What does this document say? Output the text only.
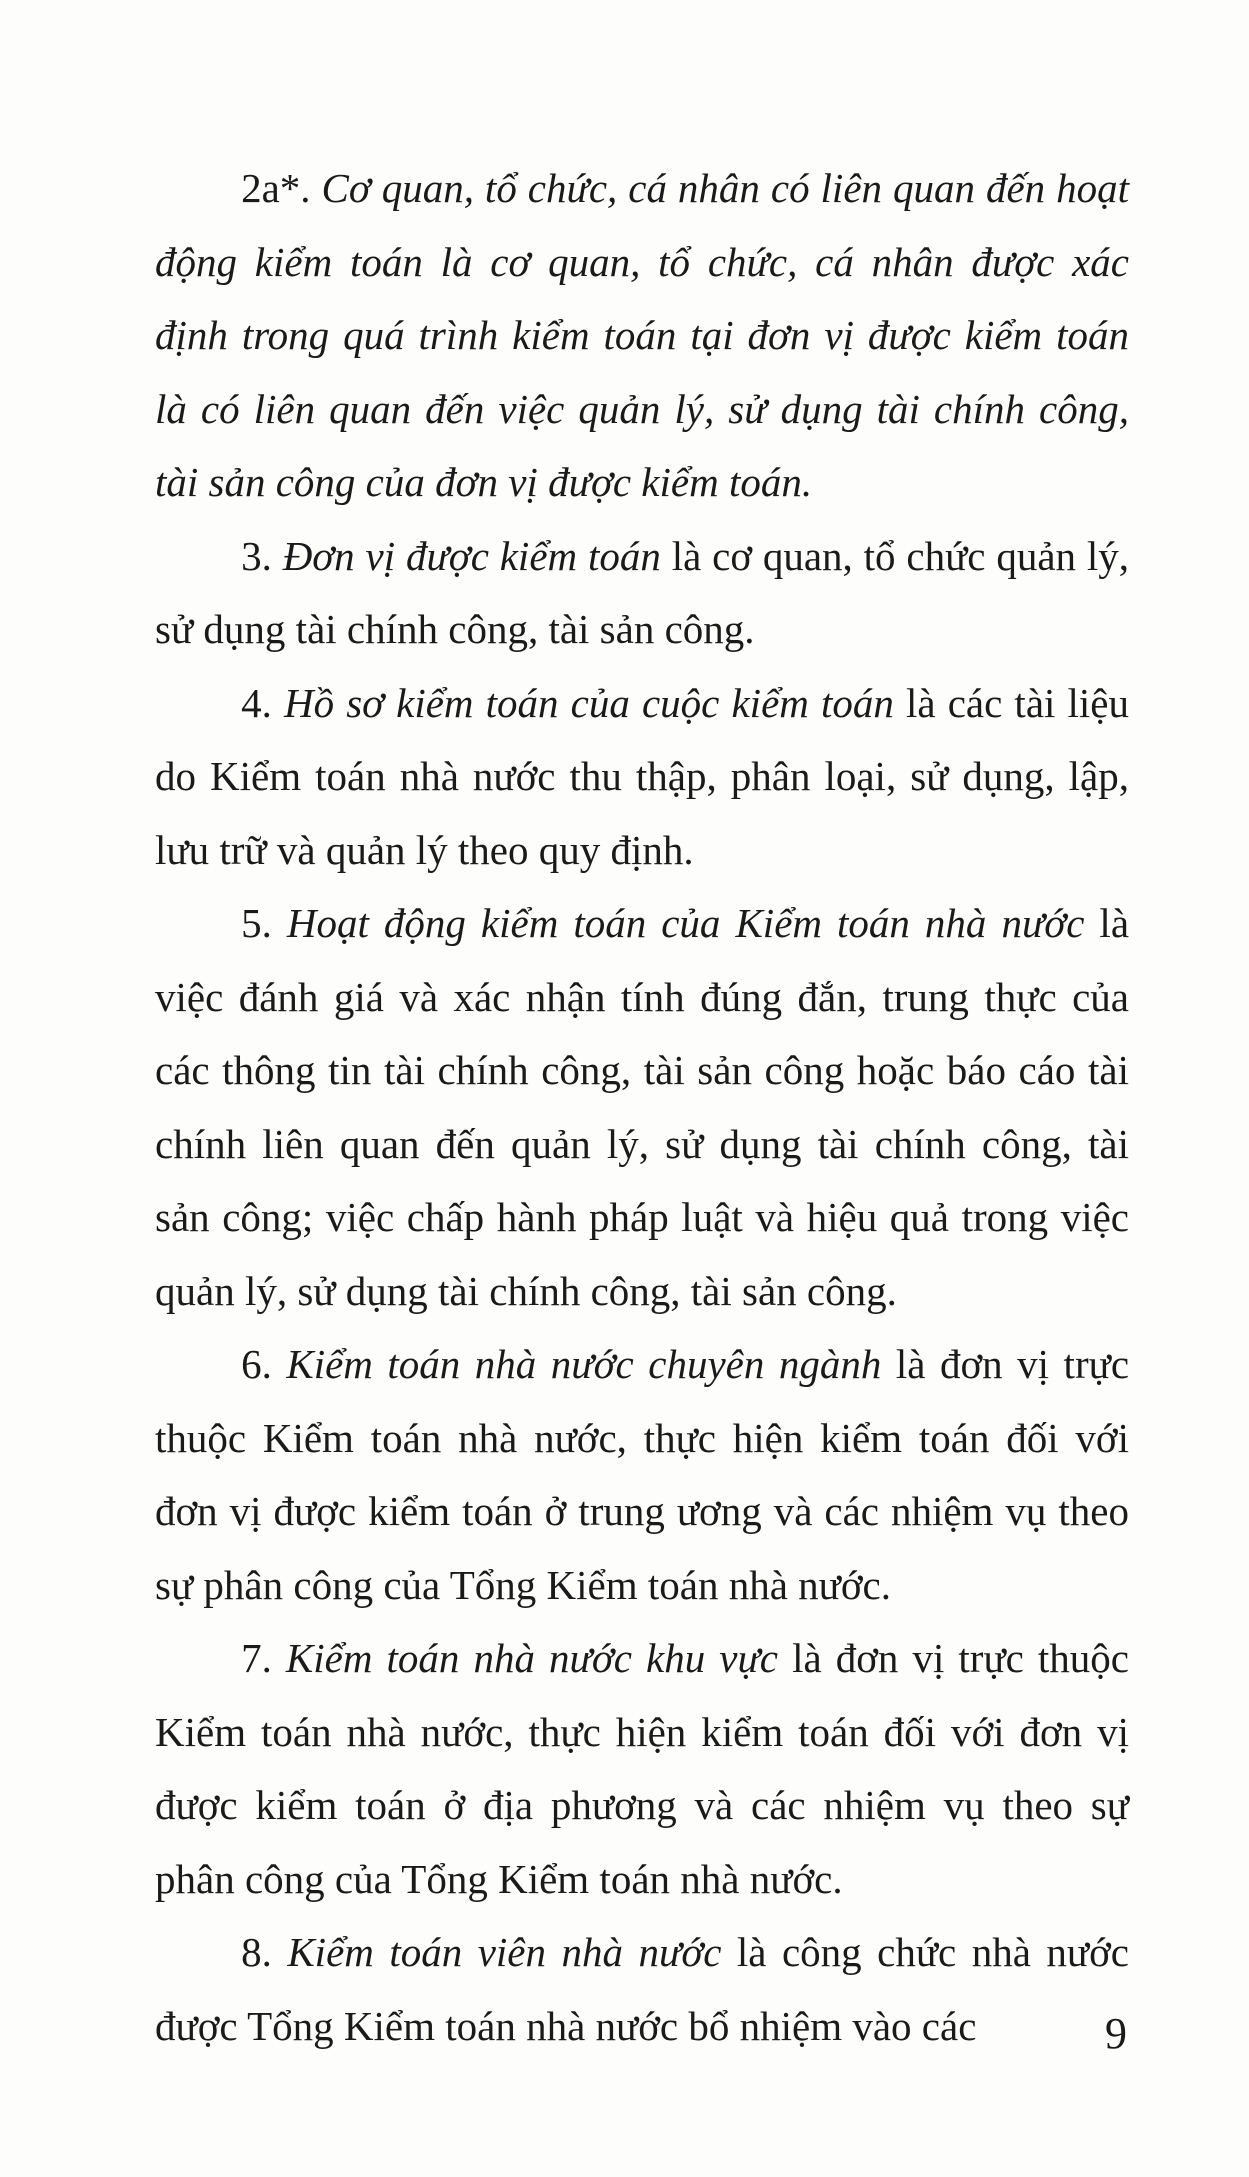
2a*. Cơ quan, tổ chức, cá nhân có liên quan đến hoạt động kiểm toán là cơ quan, tổ chức, cá nhân được xác định trong quá trình kiểm toán tại đơn vị được kiểm toán là có liên quan đến việc quản lý, sử dụng tài chính công, tài sản công của đơn vị được kiểm toán.

3. Đơn vị được kiểm toán là cơ quan, tổ chức quản lý, sử dụng tài chính công, tài sản công.

4. Hồ sơ kiểm toán của cuộc kiểm toán là các tài liệu do Kiểm toán nhà nước thu thập, phân loại, sử dụng, lập, lưu trữ và quản lý theo quy định.

5. Hoạt động kiểm toán của Kiểm toán nhà nước là việc đánh giá và xác nhận tính đúng đắn, trung thực của các thông tin tài chính công, tài sản công hoặc báo cáo tài chính liên quan đến quản lý, sử dụng tài chính công, tài sản công; việc chấp hành pháp luật và hiệu quả trong việc quản lý, sử dụng tài chính công, tài sản công.

6. Kiểm toán nhà nước chuyên ngành là đơn vị trực thuộc Kiểm toán nhà nước, thực hiện kiểm toán đối với đơn vị được kiểm toán ở trung ương và các nhiệm vụ theo sự phân công của Tổng Kiểm toán nhà nước.

7. Kiểm toán nhà nước khu vực là đơn vị trực thuộc Kiểm toán nhà nước, thực hiện kiểm toán đối với đơn vị được kiểm toán ở địa phương và các nhiệm vụ theo sự phân công của Tổng Kiểm toán nhà nước.

8. Kiểm toán viên nhà nước là công chức nhà nước được Tổng Kiểm toán nhà nước bổ nhiệm vào các	9
